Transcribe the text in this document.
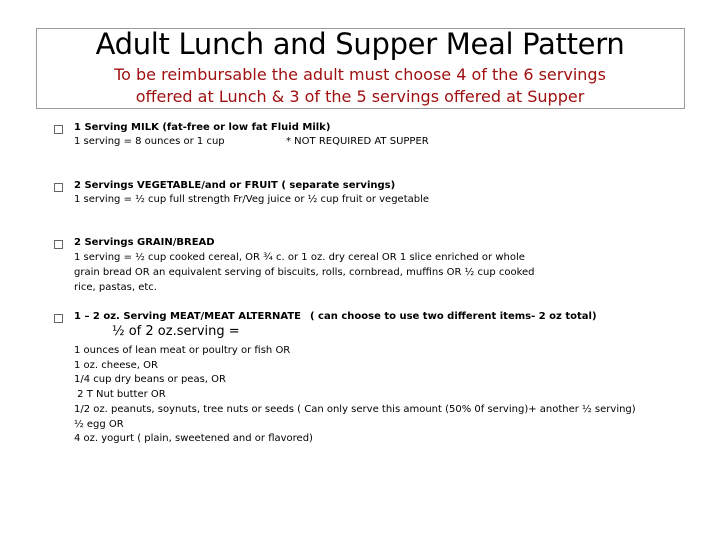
Adult Lunch and Supper Meal Pattern
To be reimbursable the adult must choose 4 of the 6 servings
offered at Lunch & 3 of the 5 servings offered at Supper
1 Serving MILK (fat-free or low fat Fluid Milk)
1 serving = 8 ounces or 1 cup	* NOT REQUIRED AT SUPPER
2 Servings VEGETABLE/and or FRUIT ( separate servings)
1 serving = ½ cup full strength Fr/Veg juice or ½ cup fruit or vegetable
2 Servings GRAIN/BREAD
1 serving = ½ cup cooked cereal, OR ¾ c. or 1 oz. dry cereal OR 1 slice enriched or whole
grain bread OR an equivalent serving of biscuits, rolls, cornbread, muffins OR ½ cup cooked
rice, pastas, etc.
1 – 2 oz. Serving MEAT/MEAT ALTERNATE ( can choose to use two different items- 2 oz total)
½ of 2 oz.serving =
1 ounces of lean meat or poultry or fish OR
1 oz. cheese, OR
1/4 cup dry beans or peas, OR
2 T Nut butter OR
1/2 oz. peanuts, soynuts, tree nuts or seeds ( Can only serve this amount (50% 0f serving)+ another ½ serving)
½ egg OR
4 oz. yogurt ( plain, sweetened and or flavored)
